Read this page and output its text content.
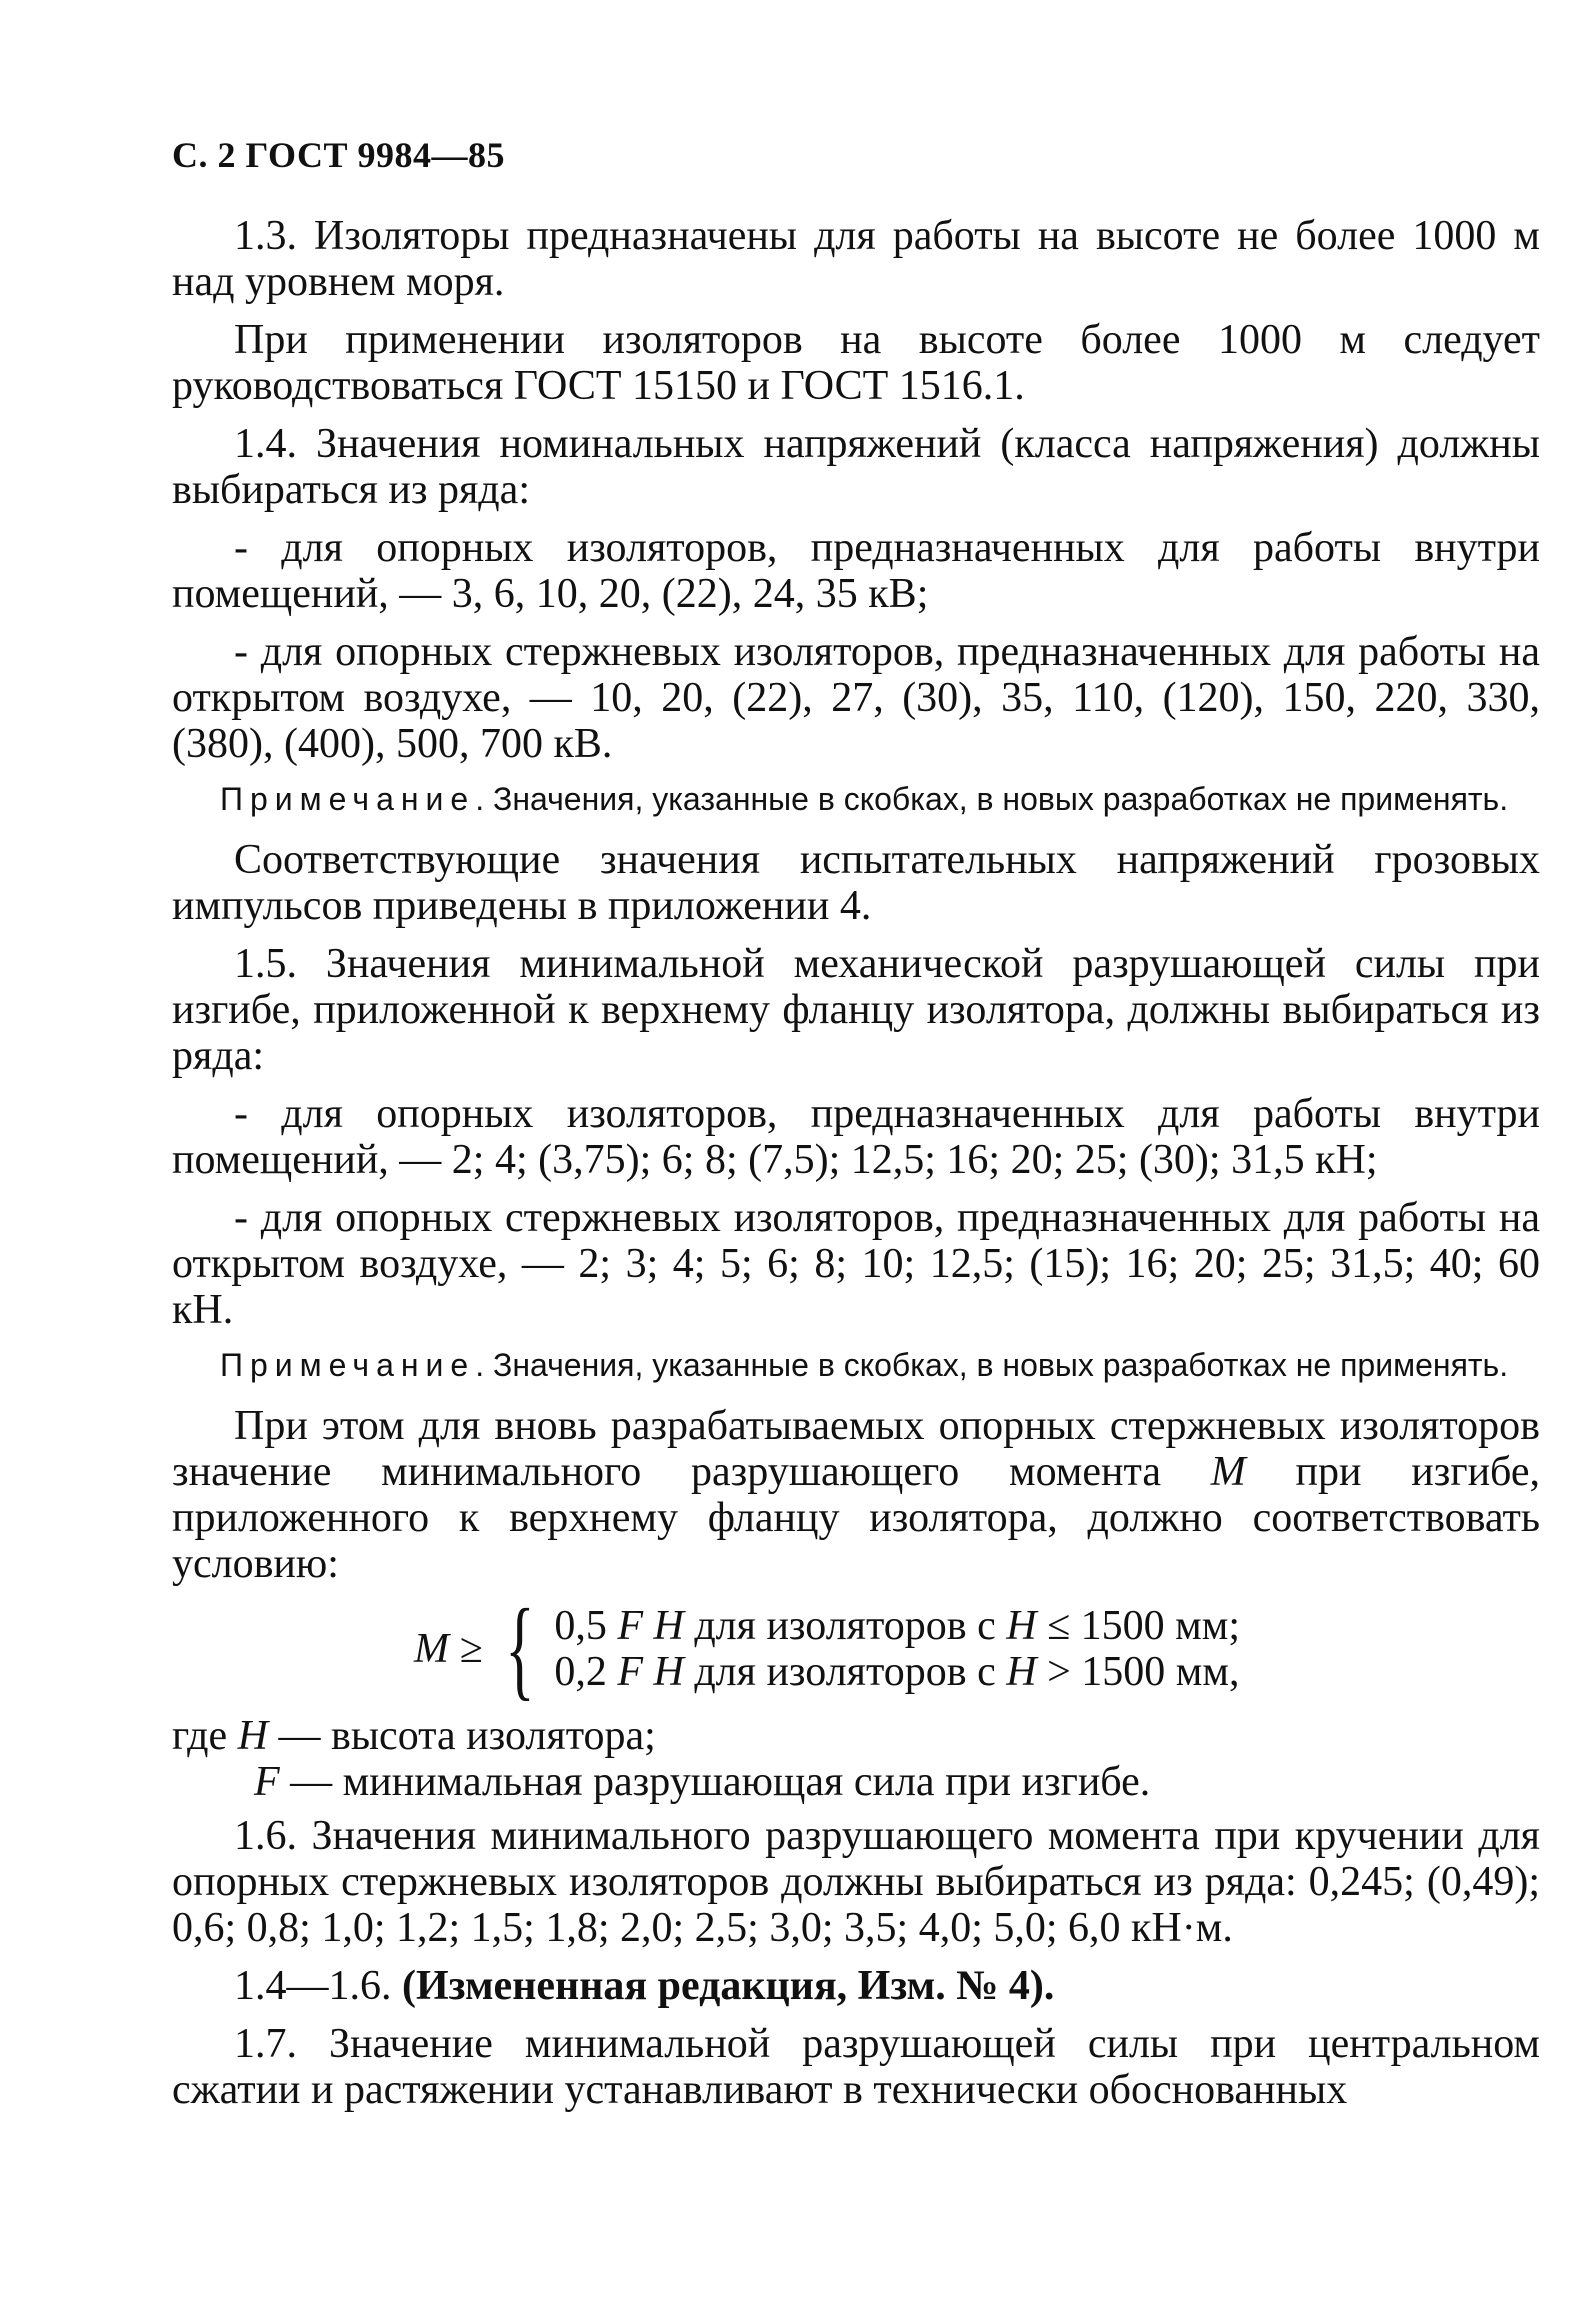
С. 2 ГОСТ 9984—85

1.3. Изоляторы предназначены для работы на высоте не более 1000 м над уровнем моря.

При применении изоляторов на высоте более 1000 м следует руководствоваться ГОСТ 15150 и ГОСТ 1516.1.

1.4. Значения номинальных напряжений (класса напряжения) должны выбираться из ряда:

- для опорных изоляторов, предназначенных для работы внутри помещений, — 3, 6, 10, 20, (22), 24, 35 кВ;

- для опорных стержневых изоляторов, предназначенных для работы на открытом воздухе, — 10, 20, (22), 27, (30), 35, 110, (120), 150, 220, 330, (380), (400), 500, 700 кВ.

Примечание. Значения, указанные в скобках, в новых разработках не применять.

Соответствующие значения испытательных напряжений грозовых импульсов приведены в приложении 4.

1.5. Значения минимальной механической разрушающей силы при изгибе, приложенной к верхнему фланцу изолятора, должны выбираться из ряда:

- для опорных изоляторов, предназначенных для работы внутри помещений, — 2; 4; (3,75); 6; 8; (7,5); 12,5; 16; 20; 25; (30); 31,5 кН;

- для опорных стержневых изоляторов, предназначенных для работы на открытом воздухе, — 2; 3; 4; 5; 6; 8; 10; 12,5; (15); 16; 20; 25; 31,5; 40; 60 кН.

Примечание. Значения, указанные в скобках, в новых разработках не применять.

При этом для вновь разрабатываемых опорных стержневых изоляторов значение минимального разрушающего момента M при изгибе, приложенного к верхнему фланцу изолятора, должно соответствовать условию:

M ≥ { 0,5 F H для изоляторов с H ≤ 1500 мм;
0,2 F H для изоляторов с H > 1500 мм,
где H — высота изолятора;
F — минимальная разрушающая сила при изгибе.

1.6. Значения минимального разрушающего момента при кручении для опорных стержневых изоляторов должны выбираться из ряда: 0,245; (0,49); 0,6; 0,8; 1,0; 1,2; 1,5; 1,8; 2,0; 2,5; 3,0; 3,5; 4,0; 5,0; 6,0 кН·м.

1.4—1.6. (Измененная редакция, Изм. № 4).

1.7. Значение минимальной разрушающей силы при центральном сжатии и растяжении устанавливают в технически обоснованных
